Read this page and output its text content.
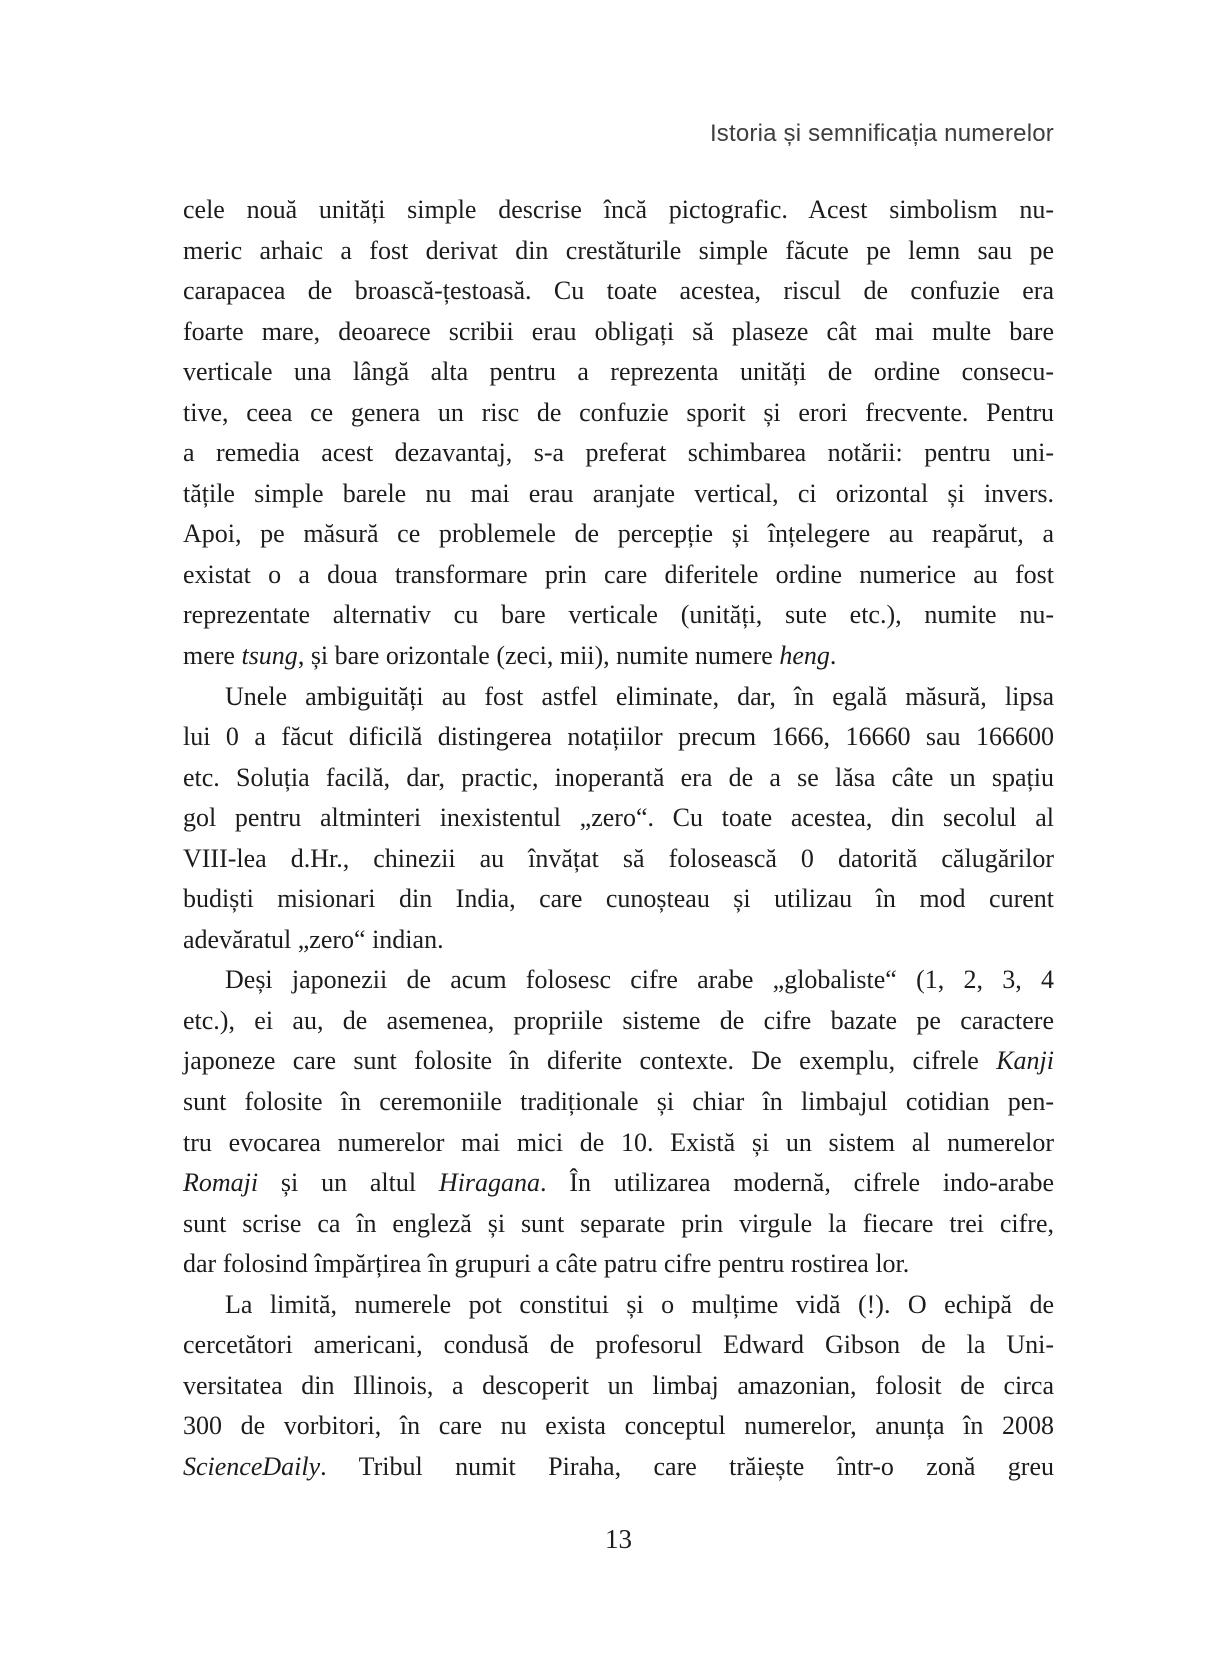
Istoria și semnificația numerelor
cele nouă unități simple descrise încă pictografic. Acest simbolism nu-
meric arhaic a fost derivat din crestăturile simple făcute pe lemn sau pe
carapacea de broască-țestoasă. Cu toate acestea, riscul de confuzie era
foarte mare, deoarece scribii erau obligați să plaseze cât mai multe bare
verticale una lângă alta pentru a reprezenta unități de ordine consecu-
tive, ceea ce genera un risc de confuzie sporit și erori frecvente. Pentru
a remedia acest dezavantaj, s-a preferat schimbarea notării: pentru uni-
tățile simple barele nu mai erau aranjate vertical, ci orizontal și invers.
Apoi, pe măsură ce problemele de percepție și înțelegere au reapărut, a
existat o a doua transformare prin care diferitele ordine numerice au fost
reprezentate alternativ cu bare verticale (unități, sute etc.), numite nu-
mere tsung, și bare orizontale (zeci, mii), numite numere heng.
Unele ambiguități au fost astfel eliminate, dar, în egală măsură, lipsa
lui 0 a făcut dificilă distingerea notațiilor precum 1666, 16660 sau 166600
etc. Soluția facilă, dar, practic, inoperantă era de a se lăsa câte un spațiu
gol pentru altminteri inexistentul „zero“. Cu toate acestea, din secolul al
VIII-lea d.Hr., chinezii au învățat să folosească 0 datorită călugărilor
budiști misionari din India, care cunoșteau și utilizau în mod curent
adevăratul „zero“ indian.
Deși japonezii de acum folosesc cifre arabe „globaliste“ (1, 2, 3, 4
etc.), ei au, de asemenea, propriile sisteme de cifre bazate pe caractere
japoneze care sunt folosite în diferite contexte. De exemplu, cifrele Kanji
sunt folosite în ceremoniile tradiționale și chiar în limbajul cotidian pen-
tru evocarea numerelor mai mici de 10. Există și un sistem al numerelor
Romaji și un altul Hiragana. În utilizarea modernă, cifrele indo-arabe
sunt scrise ca în engleză și sunt separate prin virgule la fiecare trei cifre,
dar folosind împărțirea în grupuri a câte patru cifre pentru rostirea lor.
La limită, numerele pot constitui și o mulțime vidă (!). O echipă de
cercetători americani, condusă de profesorul Edward Gibson de la Uni-
versitatea din Illinois, a descoperit un limbaj amazonian, folosit de circa
300 de vorbitori, în care nu exista conceptul numerelor, anunța în 2008
ScienceDaily. Tribul numit Piraha, care trăiește într-o zonă greu
13
